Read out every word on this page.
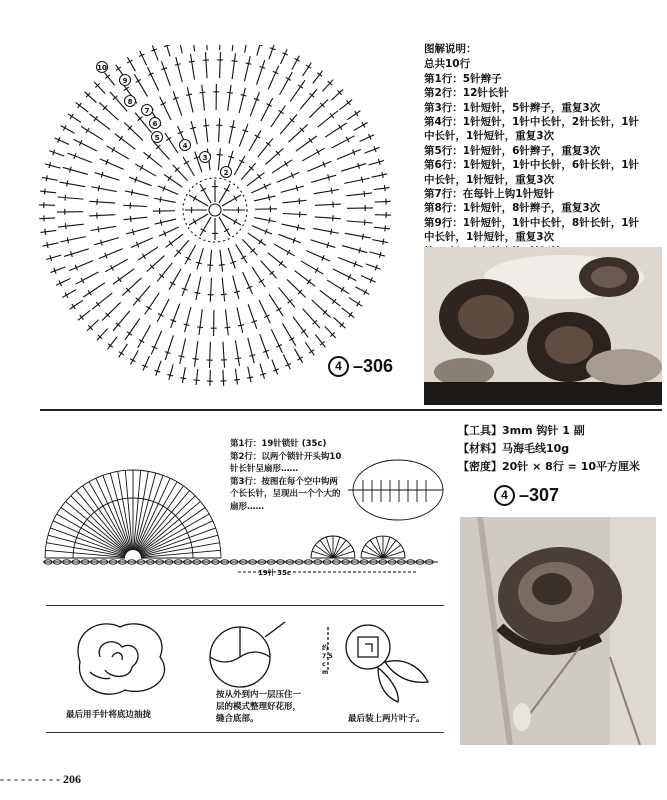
10
9
8
7
6
5
4
3
2
图解说明：
总共10行
第1行：5针辫子
第2行：12针长针
第3行：1针短针，5针辫子，重复3次
第4行：1针短针，1针中长针，2针长针，1针
中长针，1针短针，重复3次
第5行：1针短针，6针辫子，重复3次
第6行：1针短针，1针中长针，6针长针，1针
中长针，1针短针，重复3次
第7行：在每针上钩1针短针
第8行：1针短针，8针辫子，重复3次
第9行：1针短针，1针中长针，8针长针，1针
中长针，1针短针，重复3次
4 –306
第1行：19针锁针 (35c)
第2行：以两个锁针开头钩10
针长针呈扇形……
第3行：按图在每个空中钩两
个长长针，呈现出一个个大的
扇形……
19针 35c
【工具】3mm 钩针 1 副
【材料】马海毛线10g
【密度】20针 × 8行 = 10平方厘米
4 –307
约 7.5 c m
最后用手针将底边抽拢
按从外到内一层压住一
层的模式整理好花形，
缝合底部。	最后装上两片叶子。
- - - - - - - - - 206
